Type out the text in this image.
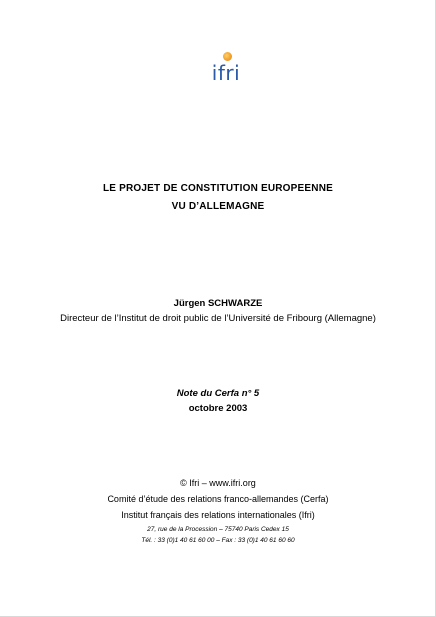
ifri
LE PROJET DE CONSTITUTION EUROPEENNE
VU D’ALLEMAGNE
Jürgen SCHWARZE
Directeur de l’Institut de droit public de l’Université de Fribourg (Allemagne)
Note du Cerfa n° 5
octobre 2003
© Ifri – www.ifri.org
Comité d’étude des relations franco-allemandes (Cerfa)
Institut français des relations internationales (Ifri)
27, rue de la Procession – 75740 Paris Cedex 15
Tél. : 33 (0)1 40 61 60 00 – Fax : 33 (0)1 40 61 60 60
